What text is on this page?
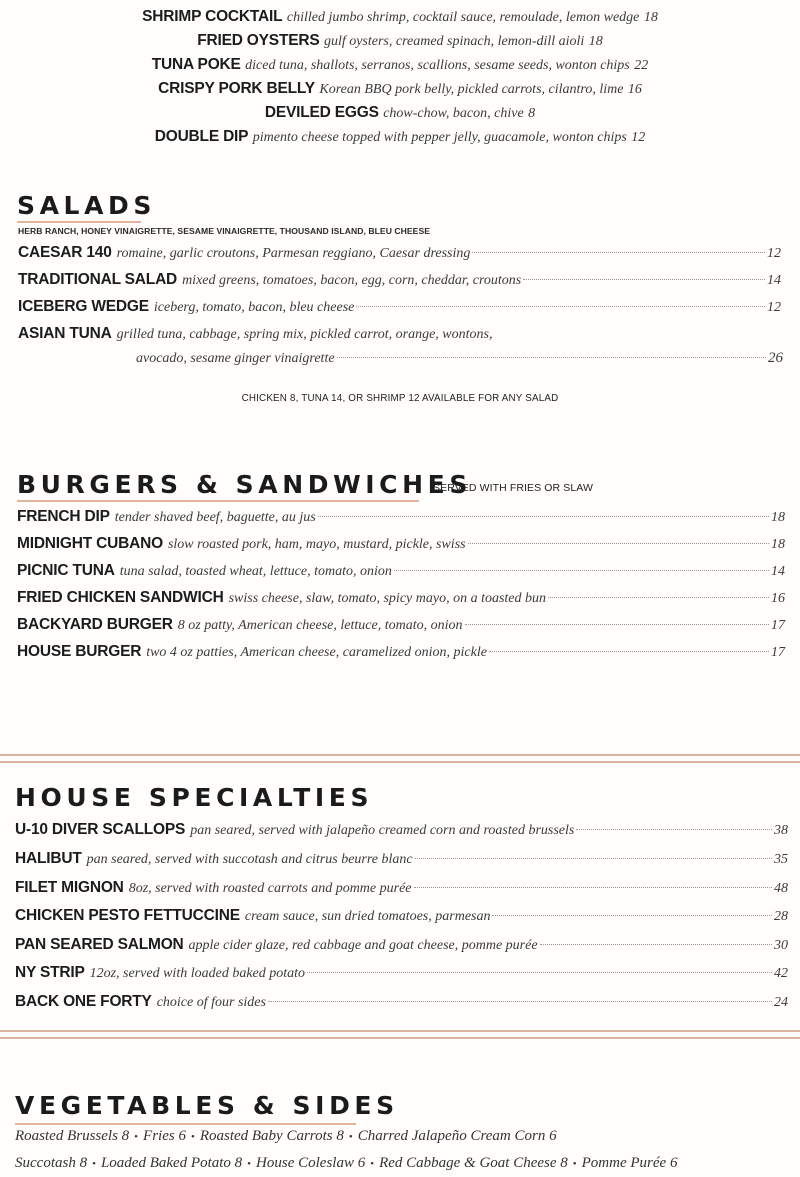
SHRIMP COCKTAIL chilled jumbo shrimp, cocktail sauce, remoulade, lemon wedge 18
FRIED OYSTERS gulf oysters, creamed spinach, lemon-dill aioli 18
TUNA POKE diced tuna, shallots, serranos, scallions, sesame seeds, wonton chips 22
CRISPY PORK BELLY Korean BBQ pork belly, pickled carrots, cilantro, lime 16
DEVILED EGGS chow-chow, bacon, chive 8
DOUBLE DIP pimento cheese topped with pepper jelly, guacamole, wonton chips 12
SALADS
HERB RANCH, HONEY VINAIGRETTE, SESAME VINAIGRETTE, THOUSAND ISLAND, BLEU CHEESE
CAESAR 140 romaine, garlic croutons, Parmesan reggiano, Caesar dressing	12
TRADITIONAL SALAD mixed greens, tomatoes, bacon, egg, corn, cheddar, croutons	14
ICEBERG WEDGE iceberg, tomato, bacon, bleu cheese	12
ASIAN TUNA grilled tuna, cabbage, spring mix, pickled carrot, orange, wontons,
avocado, sesame ginger vinaigrette	26
CHICKEN 8, TUNA 14, OR SHRIMP 12 AVAILABLE FOR ANY SALAD
BURGERS & SANDWICHES
SERVED WITH FRIES OR SLAW
FRENCH DIP tender shaved beef, baguette, au jus	18
MIDNIGHT CUBANO slow roasted pork, ham, mayo, mustard, pickle, swiss	18
PICNIC TUNA tuna salad, toasted wheat, lettuce, tomato, onion	14
FRIED CHICKEN SANDWICH swiss cheese, slaw, tomato, spicy mayo, on a toasted bun	16
BACKYARD BURGER 8 oz patty, American cheese, lettuce, tomato, onion	17
HOUSE BURGER two 4 oz patties, American cheese, caramelized onion, pickle	17
HOUSE SPECIALTIES
U-10 DIVER SCALLOPS pan seared, served with jalapeño creamed corn and roasted brussels	38
HALIBUT pan seared, served with succotash and citrus beurre blanc	35
FILET MIGNON 8oz, served with roasted carrots and pomme purée	48
CHICKEN PESTO FETTUCCINE cream sauce, sun dried tomatoes, parmesan	28
PAN SEARED SALMON apple cider glaze, red cabbage and goat cheese, pomme purée	30
NY STRIP 12oz, served with loaded baked potato	42
BACK ONE FORTY choice of four sides	24
VEGETABLES & SIDES
Roasted Brussels 8 • Fries 6 • Roasted Baby Carrots 8 • Charred Jalapeño Cream Corn 6
Succotash 8 • Loaded Baked Potato 8 • House Coleslaw 6 • Red Cabbage & Goat Cheese 8 • Pomme Purée 6
